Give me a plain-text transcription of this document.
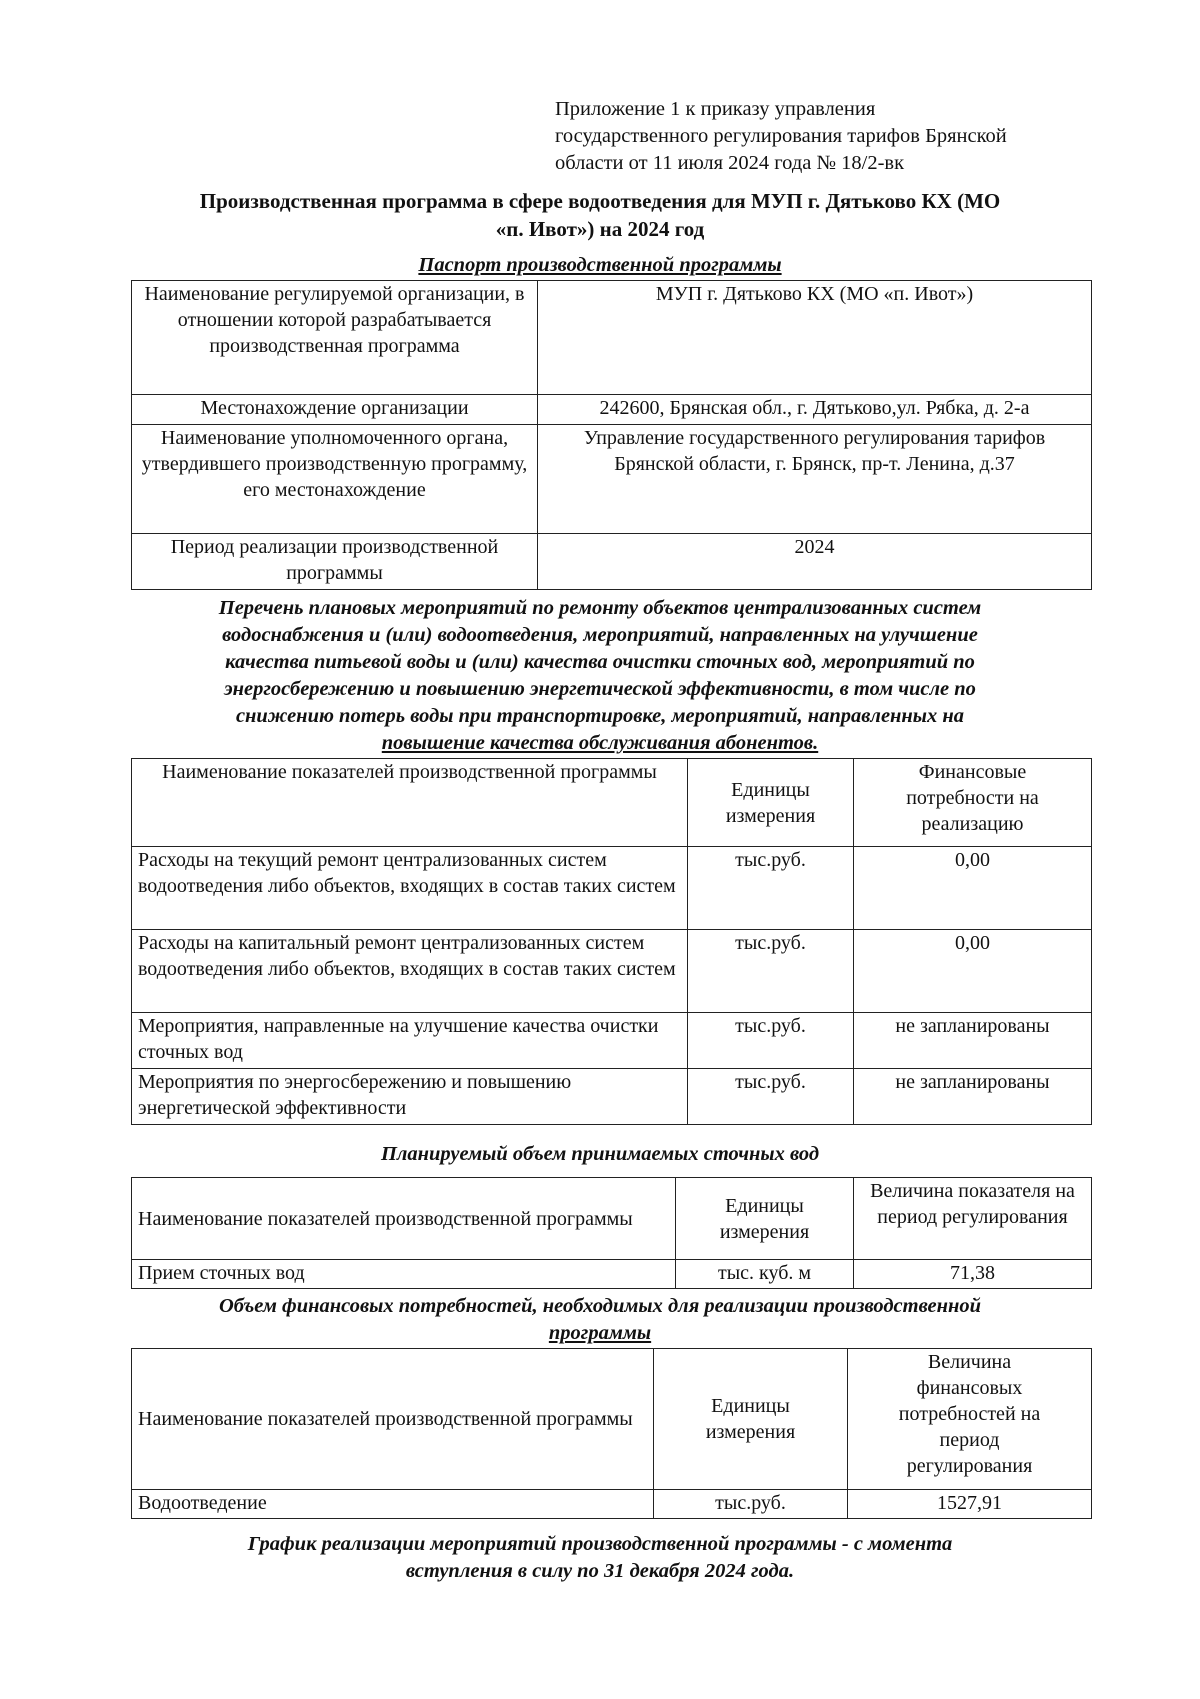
Приложение 1 к приказу управления
государственного регулирования тарифов Брянской
области от 11 июля 2024 года № 18/2-вк
Производственная программа в сфере водоотведения для МУП г. Дятьково КХ (МО
«п. Ивот») на 2024 год
Паспорт производственной программы
Наименование регулируемой организации, в отношении которой разрабатывается производственная программа	МУП г. Дятьково КХ (МО «п. Ивот»)
Местонахождение организации	242600, Брянская обл., г. Дятьково,ул. Рябка, д. 2-а
Наименование уполномоченного органа, утвердившего производственную программу, его местонахождение	Управление государственного регулирования тарифов Брянской области, г. Брянск, пр-т. Ленина, д.37
Период реализации производственной программы	2024
Перечень плановых мероприятий по ремонту объектов централизованных систем
водоснабжения и (или) водоотведения, мероприятий, направленных на улучшение
качества питьевой воды и (или) качества очистки сточных вод, мероприятий по
энергосбережению и повышению энергетической эффективности, в том числе по
снижению потерь воды при транспортировке, мероприятий, направленных на
повышение качества обслуживания абонентов.
Наименование показателей производственной программы	Единицы измерения	Финансовые потребности на реализацию
Расходы на текущий ремонт централизованных систем водоотведения либо объектов, входящих в состав таких систем	тыс.руб.	0,00
Расходы на капитальный ремонт централизованных систем водоотведения либо объектов, входящих в состав таких систем	тыс.руб.	0,00
Мероприятия, направленные на улучшение качества очистки сточных вод	тыс.руб.	не запланированы
Мероприятия по энергосбережению и повышению энергетической эффективности	тыс.руб.	не запланированы
Планируемый объем принимаемых сточных вод
Наименование показателей производственной программы	Единицы измерения	Величина показателя на период регулирования
Прием сточных вод	тыс. куб. м	71,38
Объем финансовых потребностей, необходимых для реализации производственной
программы
Наименование показателей производственной программы	Единицы измерения	Величина финансовых потребностей на период регулирования
Водоотведение	тыс.руб.	1527,91
График реализации мероприятий производственной программы - с момента
вступления в силу по 31 декабря 2024 года.
